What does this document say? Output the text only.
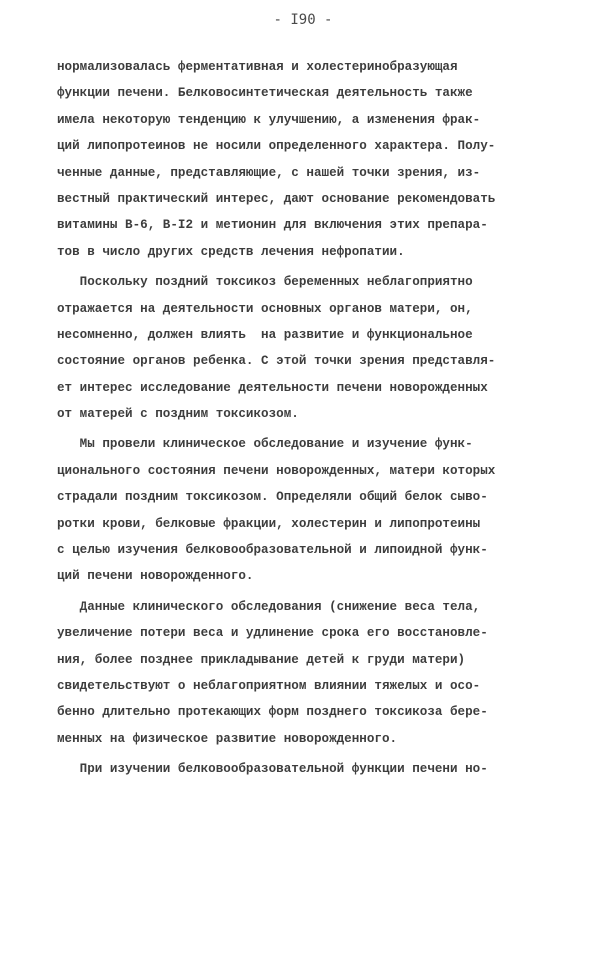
- I90 -
нормализовалась ферментативная и холестеринобразующая
функции печени. Белковосинтетическая деятельность также
имела некоторую тенденцию к улучшению, а изменения фрак-
ций липопротеинов не носили определенного характера. Полу-
ченные данные, представляющие, с нашей точки зрения, из-
вестный практический интерес, дают основание рекомендовать
витамины В-6, В-I2 и метионин для включения этих препара-
тов в число других средств лечения нефропатии.
Поскольку поздний токсикоз беременных неблагоприятно
отражается на деятельности основных органов матери, он,
несомненно, должен влиять  на развитие и функциональное
состояние органов ребенка. С этой точки зрения представля-
ет интерес исследование деятельности печени новорожденных
от матерей с поздним токсикозом.
Мы провели клиническое обследование и изучение функ-
ционального состояния печени новорожденных, матери которых
страдали поздним токсикозом. Определяли общий белок сыво-
ротки крови, белковые фракции, холестерин и липопротеины
с целью изучения белковообразовательной и липоидной функ-
ций печени новорожденного.
Данные клинического обследования (снижение веса тела,
увеличение потери веса и удлинение срока его восстановле-
ния, более позднее прикладывание детей к груди матери)
свидетельствуют о неблагоприятном влиянии тяжелых и осо-
бенно длительно протекающих форм позднего токсикоза бере-
менных на физическое развитие новорожденного.
При изучении белковообразовательной функции печени но-
